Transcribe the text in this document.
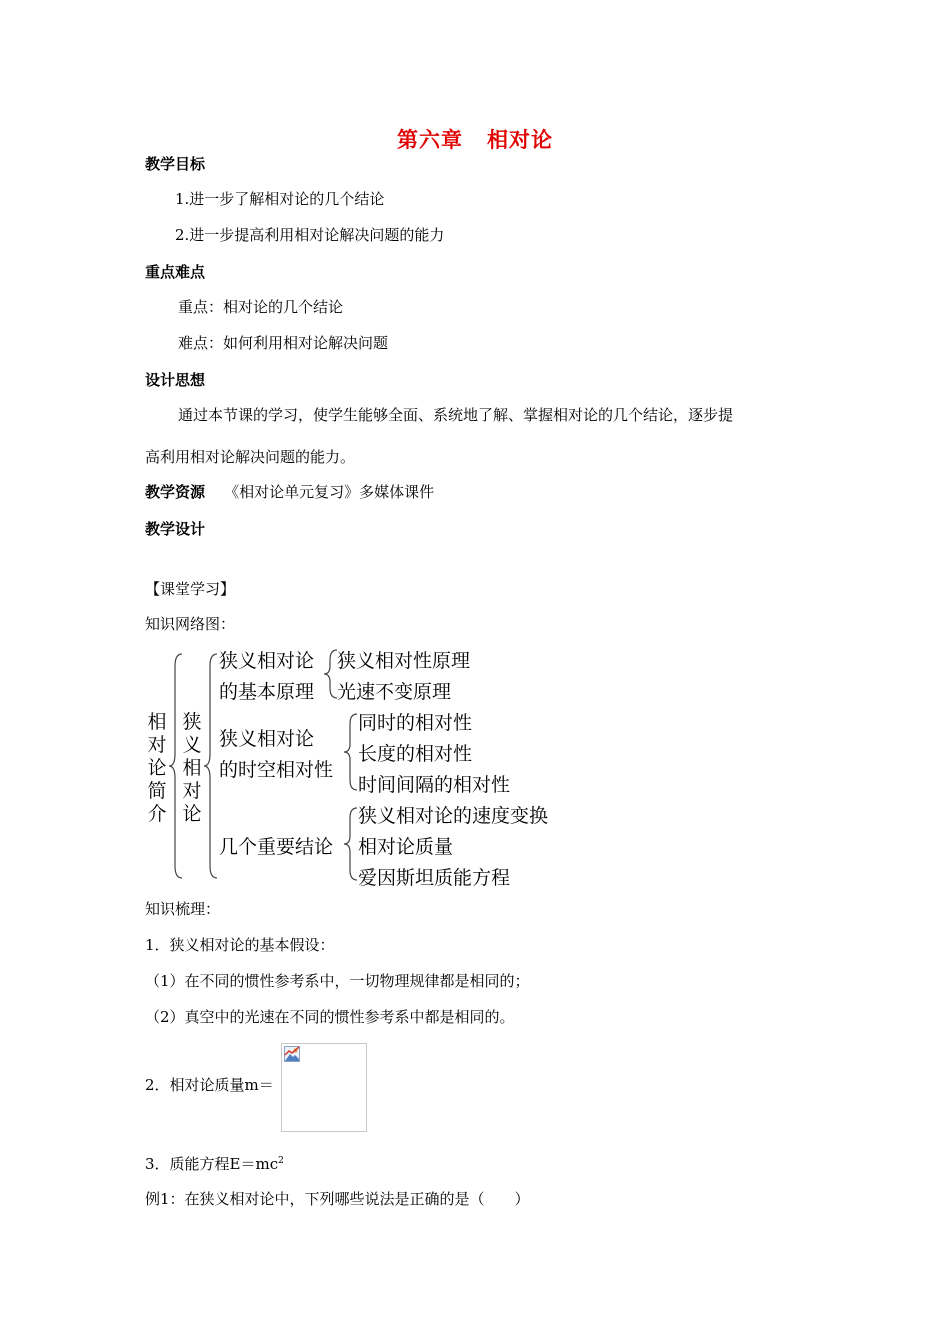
第六章 相对论
教学目标
1.进一步了解相对论的几个结论
2.进一步提高利用相对论解决问题的能力
重点难点
重点：相对论的几个结论
难点：如何利用相对论解决问题
设计思想
通过本节课的学习，使学生能够全面、系统地了解、掌握相对论的几个结论，逐步提
高利用相对论解决问题的能力。
教学资源 《相对论单元复习》多媒体课件
教学设计
【课堂学习】
知识网络图：
相对论简介
狭义相对论
狭义相对论
的基本原理
狭义相对性原理
光速不变原理
狭义相对论
的时空相对性
同时的相对性
长度的相对性
时间间隔的相对性
几个重要结论
狭义相对论的速度变换
相对论质量
爱因斯坦质能方程
知识梳理：
1．狭义相对论的基本假设：
（1）在不同的惯性参考系中，一切物理规律都是相同的；
（2）真空中的光速在不同的惯性参考系中都是相同的。
2．相对论质量m＝
3．质能方程$E=mc^2$
例1：在狭义相对论中，下列哪些说法是正确的是（　　）
